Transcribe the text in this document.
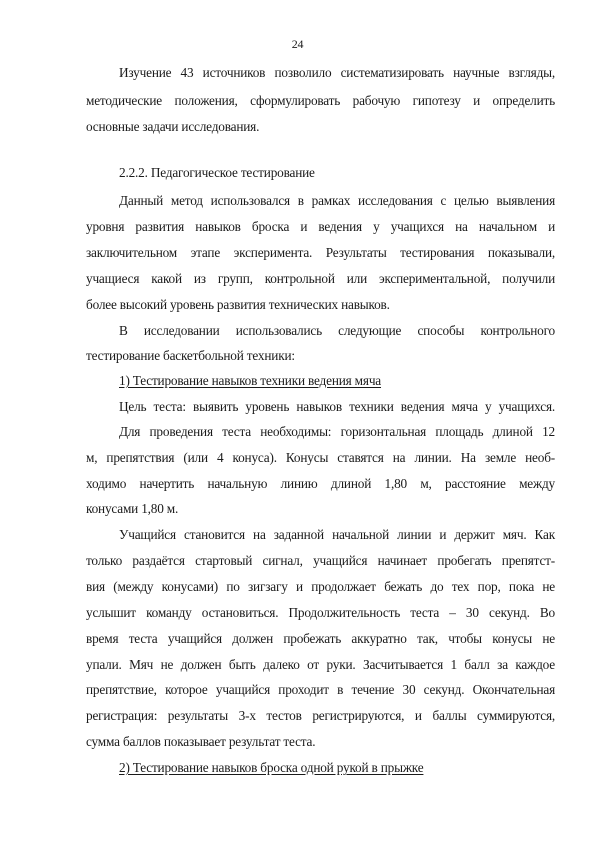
24
Изучение 43 источников позволило систематизировать научные взгляды,
методические положения, сформулировать рабочую гипотезу и определить
основные задачи исследования.
2.2.2. Педагогическое тестирование
Данный метод использовался в рамках исследования с целью выявления
уровня развития навыков броска и ведения у учащихся на начальном и
заключительном этапе эксперимента. Результаты тестирования показывали,
учащиеся какой из групп, контрольной или экспериментальной, получили
более высокий уровень развития технических навыков.
В исследовании использовались следующие способы контрольного
тестирование баскетбольной техники:
1) Тестирование навыков техники ведения мяча
Цель теста: выявить уровень навыков техники ведения мяча у учащихся.
Для проведения теста необходимы: горизонтальная площадь длиной 12
м, препятствия (или 4 конуса). Конусы ставятся на линии. На земле необ-
ходимо начертить начальную линию длиной 1,80 м, расстояние между
конусами 1,80 м.
Учащийся становится на заданной начальной линии и держит мяч. Как
только раздаётся стартовый сигнал, учащийся начинает пробегать препятст-
вия (между конусами) по зигзагу и продолжает бежать до тех пор, пока не
услышит команду остановиться. Продолжительность теста – 30 секунд. Во
время теста учащийся должен пробежать аккуратно так, чтобы конусы не
упали. Мяч не должен быть далеко от руки. Засчитывается 1 балл за каждое
препятствие, которое учащийся проходит в течение 30 секунд. Окончательная
регистрация: результаты 3-х тестов регистрируются, и баллы суммируются,
сумма баллов показывает результат теста.
2) Тестирование навыков броска одной рукой в прыжке
